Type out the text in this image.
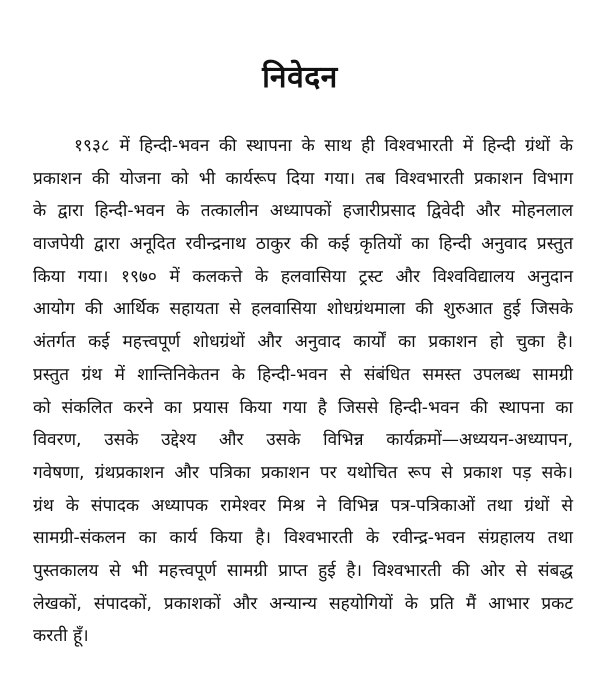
निवेदन
१९३८ में हिन्दी-भवन की स्थापना के साथ ही विश्वभारती में हिन्दी ग्रंथों के
प्रकाशन की योजना को भी कार्यरूप दिया गया। तब विश्वभारती प्रकाशन विभाग
के द्वारा हिन्दी-भवन के तत्कालीन अध्यापकों हजारीप्रसाद द्विवेदी और मोहनलाल
वाजपेयी द्वारा अनूदित रवीन्द्रनाथ ठाकुर की कई कृतियों का हिन्दी अनुवाद प्रस्तुत
किया गया। १९७० में कलकत्ते के हलवासिया ट्रस्ट और विश्वविद्यालय अनुदान
आयोग की आर्थिक सहायता से हलवासिया शोधग्रंथमाला की शुरुआत हुई जिसके
अंतर्गत कई महत्त्वपूर्ण शोधग्रंथों और अनुवाद कार्यों का प्रकाशन हो चुका है।
प्रस्तुत ग्रंथ में शान्तिनिकेतन के हिन्दी-भवन से संबंधित समस्त उपलब्ध सामग्री
को संकलित करने का प्रयास किया गया है जिससे हिन्दी-भवन की स्थापना का
विवरण, उसके उद्देश्य और उसके विभिन्न कार्यक्रमों—अध्ययन-अध्यापन,
गवेषणा, ग्रंथप्रकाशन और पत्रिका प्रकाशन पर यथोचित रूप से प्रकाश पड़ सके।
ग्रंथ के संपादक अध्यापक रामेश्वर मिश्र ने विभिन्न पत्र-पत्रिकाओं तथा ग्रंथों से
सामग्री-संकलन का कार्य किया है। विश्वभारती के रवीन्द्र-भवन संग्रहालय तथा
पुस्तकालय से भी महत्त्वपूर्ण सामग्री प्राप्त हुई है। विश्वभारती की ओर से संबद्ध
लेखकों, संपादकों, प्रकाशकों और अन्यान्य सहयोगियों के प्रति मैं आभार प्रकट
करती हूँ।
